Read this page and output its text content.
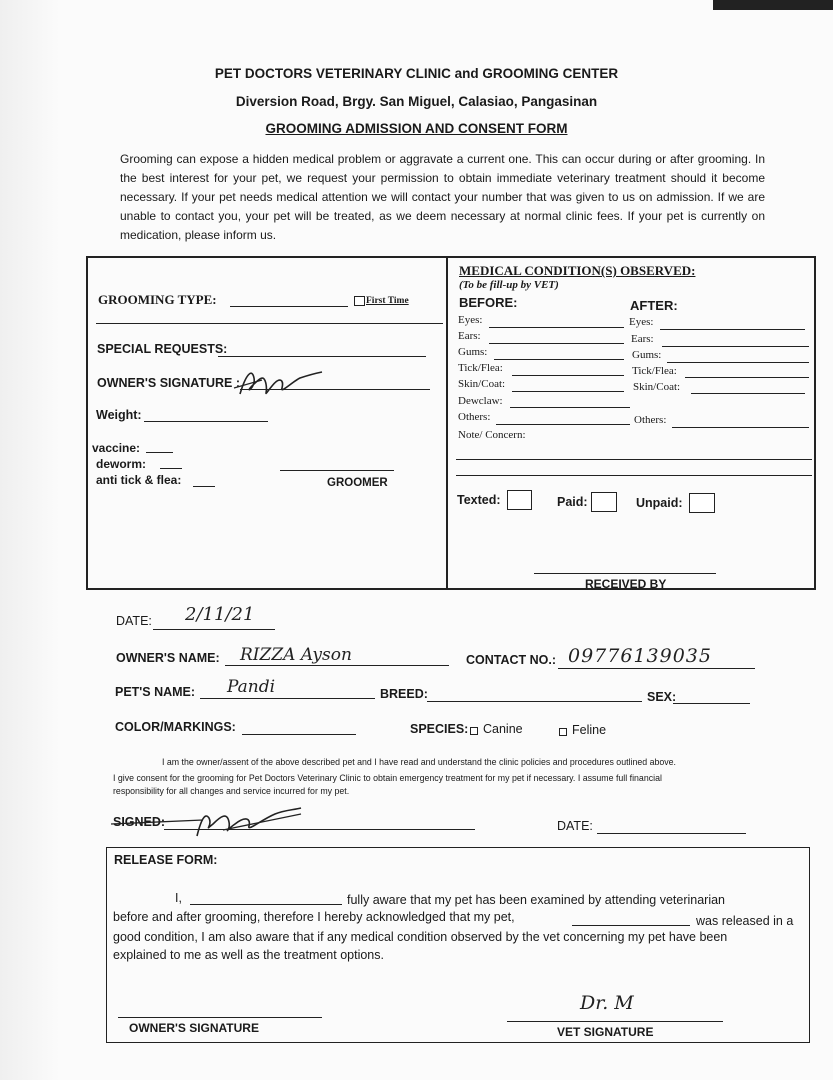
PET DOCTORS VETERINARY CLINIC and GROOMING CENTER
Diversion Road, Brgy. San Miguel, Calasiao, Pangasinan
GROOMING ADMISSION AND CONSENT FORM
Grooming can expose a hidden medical problem or aggravate a current one. This can occur during or after grooming. In the best interest for your pet, we request your permission to obtain immediate veterinary treatment should it become necessary. If your pet needs medical attention we will contact your number that was given to us on admission. If we are unable to contact you, your pet will be treated, as we deem necessary at normal clinic fees. If your pet is currently on medication, please inform us.
GROOMING TYPE:	First Time
SPECIAL REQUESTS:
OWNER'S SIGNATURE :
Weight:
vaccine:
deworm:
anti tick & flea:	GROOMER
MEDICAL CONDITION(S) OBSERVED:
(To be fill-up by VET)
BEFORE:	AFTER:
Eyes:	Eyes:
Ears:	Ears:
Gums:	Gums:
Tick/Flea:	Tick/Flea:
Skin/Coat:	Skin/Coat:
Dewclaw:
Others:	Others:
Note/ Concern:
Texted:	Paid:	Unpaid:
RECEIVED BY
DATE: 2/11/21
OWNER'S NAME: RIZZA Ayson	CONTACT NO.: 09776139035
PET'S NAME: Pandi	BREED:	SEX:
COLOR/MARKINGS:	SPECIES: Canine	Feline
I am the owner/assent of the above described pet and I have read and understand the clinic policies and procedures outlined above.
I give consent for the grooming for Pet Doctors Veterinary Clinic to obtain emergency treatment for my pet if necessary. I assume full financial
responsibility for all changes and service incurred for my pet.
SIGNED:	DATE:
RELEASE FORM:
I,	fully aware that my pet has been examined by attending veterinarian
before and after grooming, therefore I hereby acknowledged that my pet,	was released in a
good condition, I am also aware that if any medical condition observed by the vet concerning my pet have been
explained to me as well as the treatment options.
OWNER'S SIGNATURE
Dr. M
VET SIGNATURE
